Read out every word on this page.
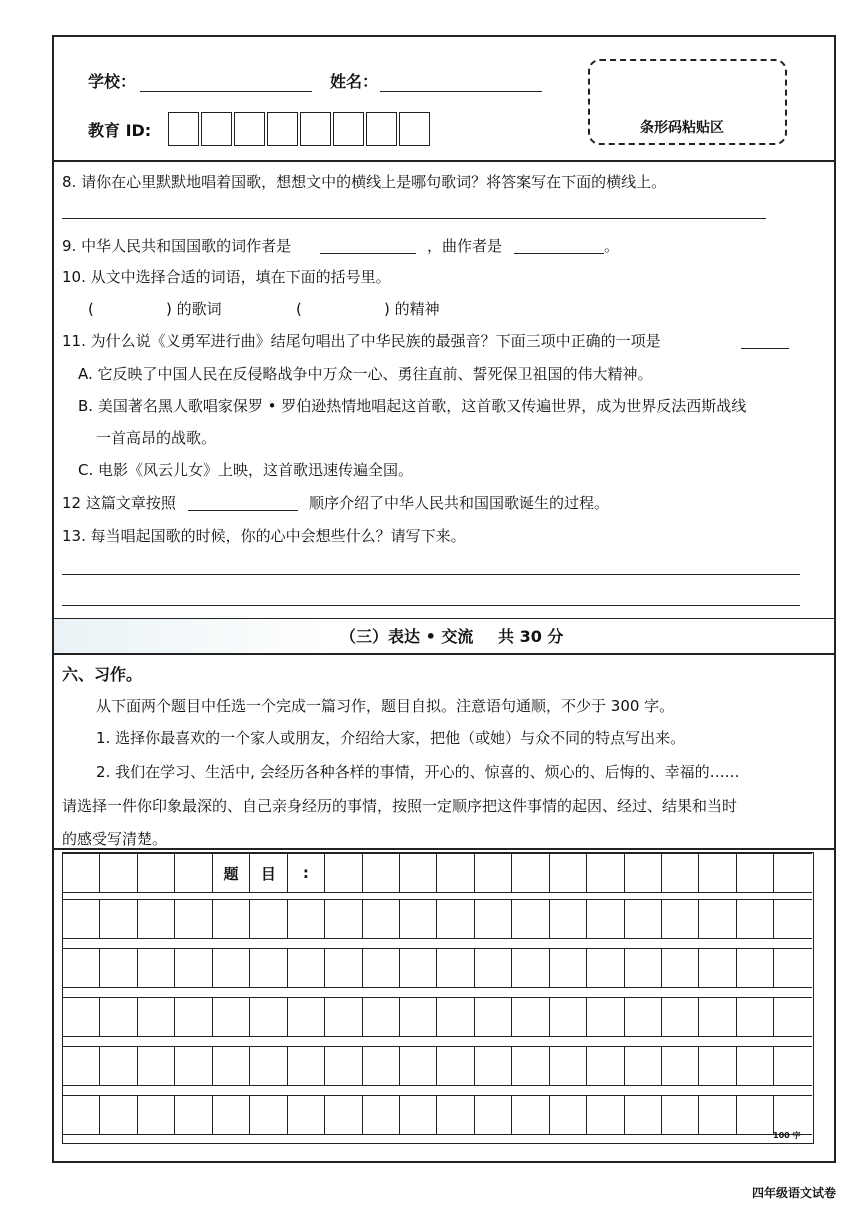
学校：	姓名：
教育 ID:	条形码粘贴区
8. 请你在心里默默地唱着国歌，想想文中的横线上是哪句歌词？将答案写在下面的横线上。
9. 中华人民共和国国歌的词作者是	，曲作者是	。
10. 从文中选择合适的词语，填在下面的括号里。
(	) 的歌词	(	) 的精神
11. 为什么说《义勇军进行曲》结尾句唱出了中华民族的最强音？下面三项中正确的一项是
A. 它反映了中国人民在反侵略战争中万众一心、勇往直前、誓死保卫祖国的伟大精神。
B. 美国著名黑人歌唱家保罗 • 罗伯逊热情地唱起这首歌，这首歌又传遍世界，成为世界反法西斯战线
一首高昂的战歌。
C. 电影《风云儿女》上映，这首歌迅速传遍全国。
12 这篇文章按照	顺序介绍了中华人民共和国国歌诞生的过程。
13. 每当唱起国歌的时候，你的心中会想些什么？请写下来。
（三）表达 • 交流 共 30 分
六、习作。
从下面两个题目中任选一个完成一篇习作，题目自拟。注意语句通顺，不少于 300 字。
1. 选择你最喜欢的一个家人或朋友，介绍给大家，把他（或她）与众不同的特点写出来。
2. 我们在学习、生活中, 会经历各种各样的事情，开心的、惊喜的、烦心的、后悔的、幸福的……
请选择一件你印象最深的、自己亲身经历的事情，按照一定顺序把这件事情的起因、经过、结果和当时
的感受写清楚。
题	目	:
100 字
四年级语文试卷
